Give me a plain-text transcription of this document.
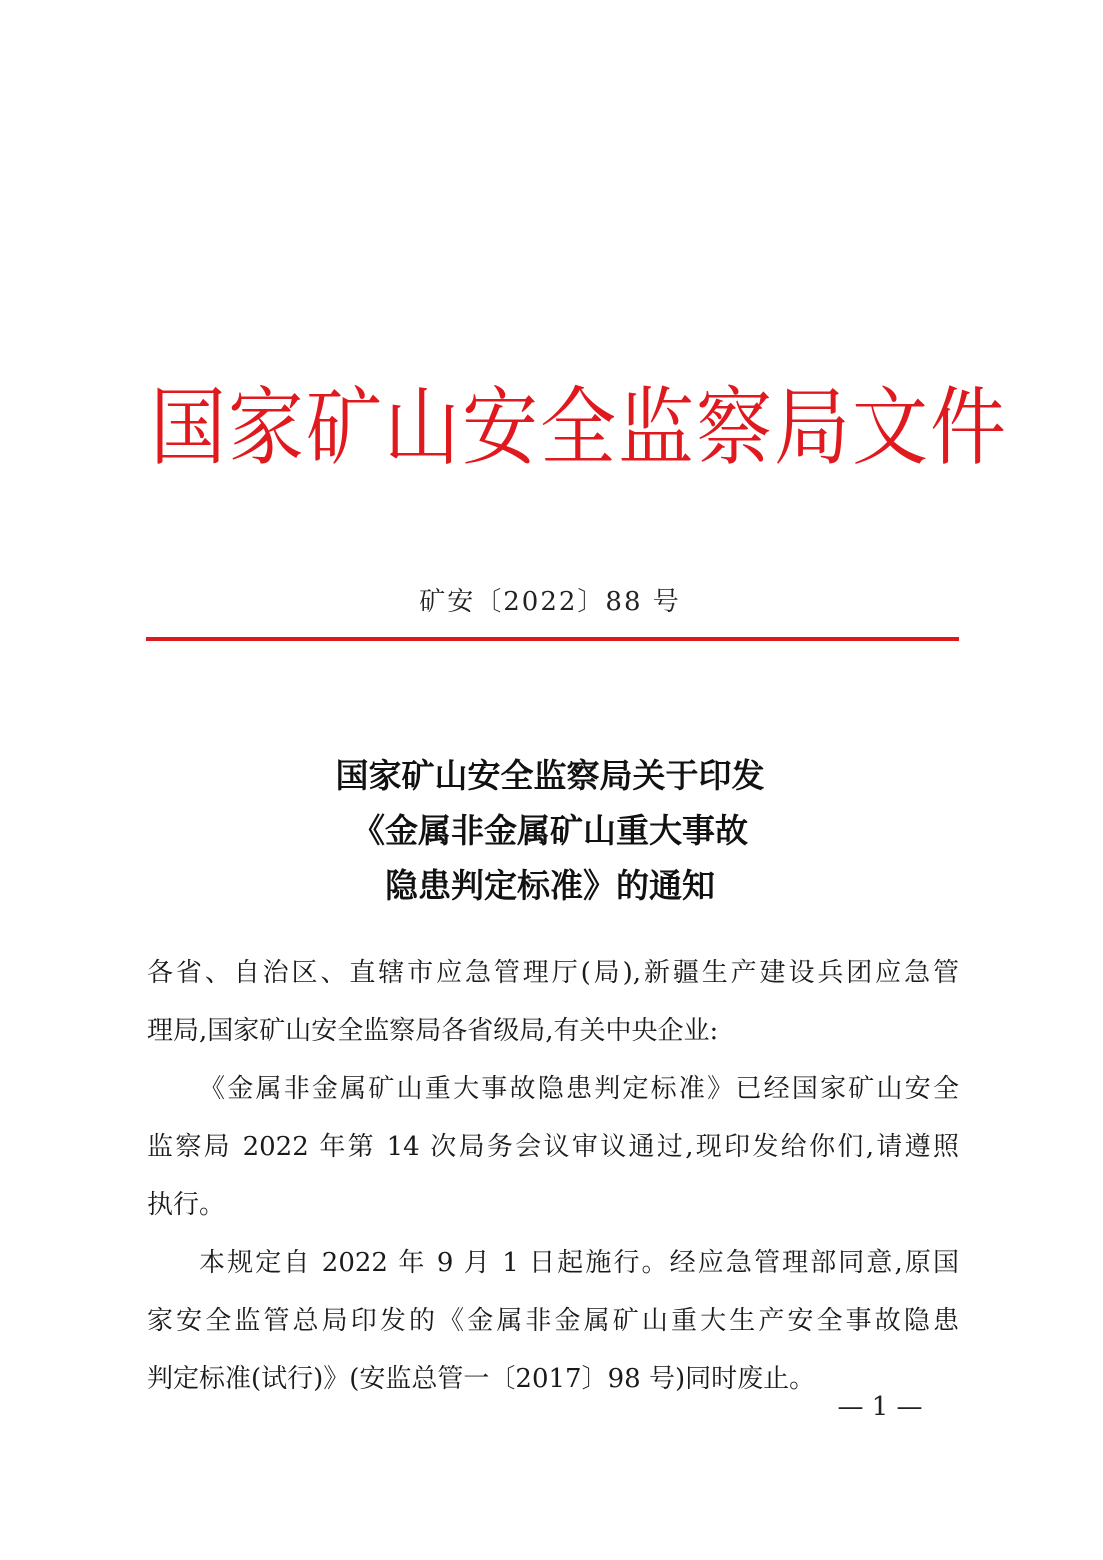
国家矿山安全监察局文件
矿安〔2022〕88 号
国家矿山安全监察局关于印发
《金属非金属矿山重大事故
隐患判定标准》的通知
各省、自治区、直辖市应急管理厅(局),新疆生产建设兵团应急管
理局,国家矿山安全监察局各省级局,有关中央企业:
《金属非金属矿山重大事故隐患判定标准》已经国家矿山安全
监察局 2022 年第 14 次局务会议审议通过,现印发给你们,请遵照
执行。
本规定自 2022 年 9 月 1 日起施行。经应急管理部同意,原国
家安全监管总局印发的《金属非金属矿山重大生产安全事故隐患
判定标准(试行)》(安监总管一〔2017〕98 号)同时废止。
— 1 —
